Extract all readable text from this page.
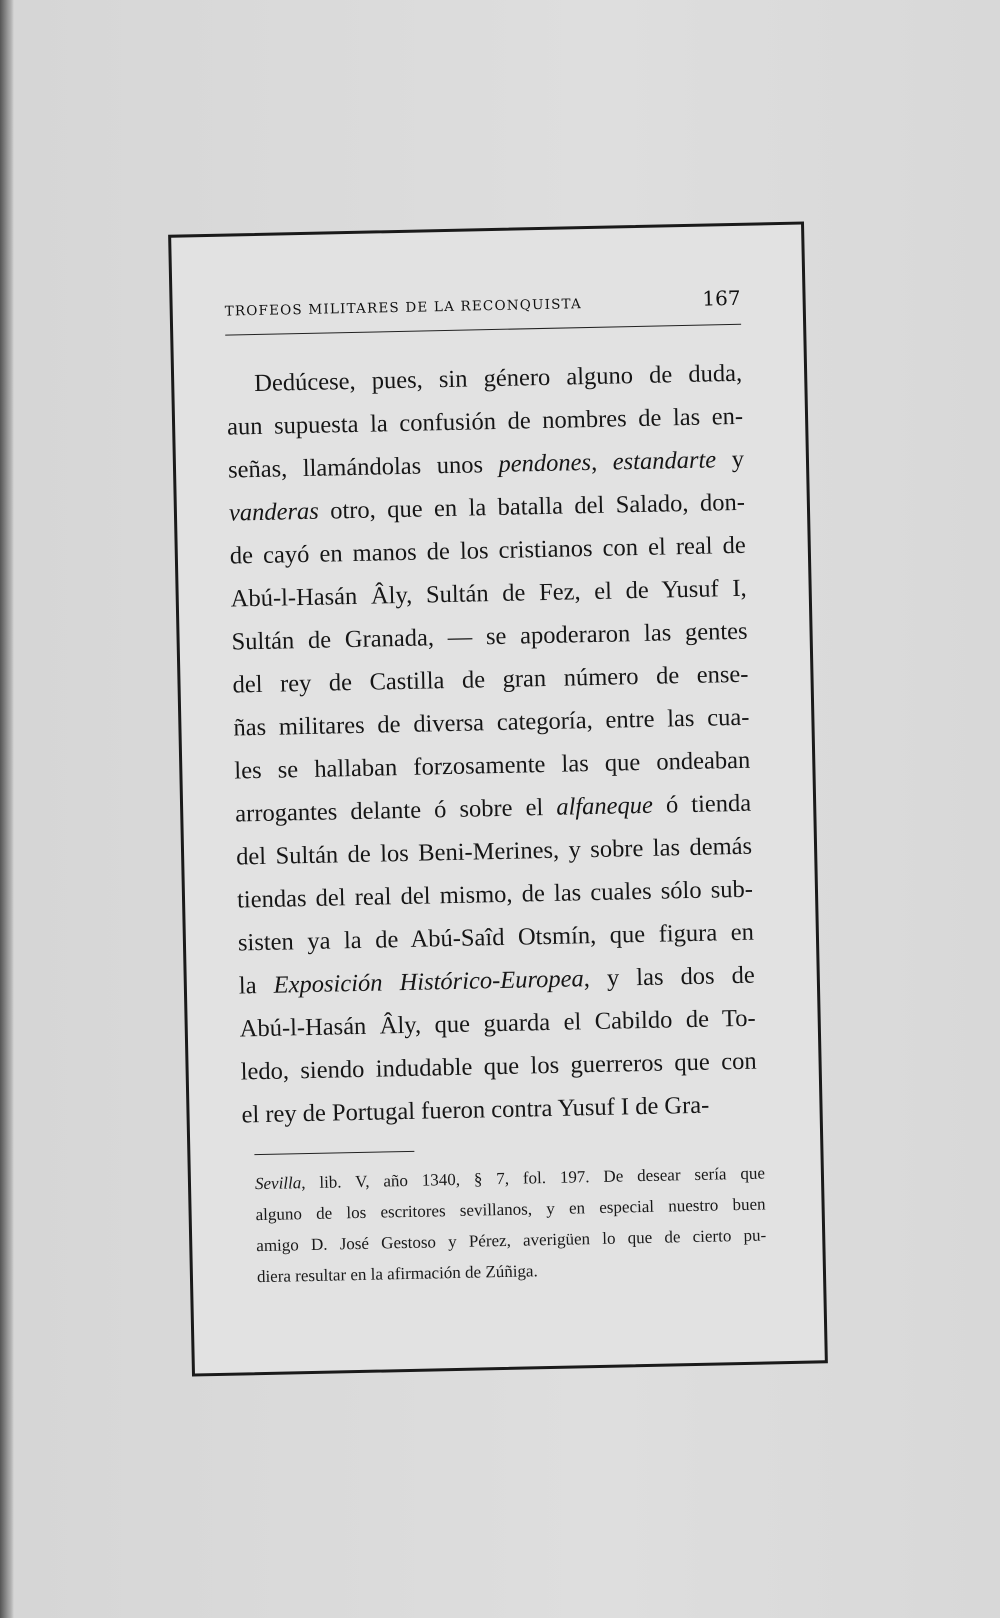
TROFEOS MILITARES DE LA RECONQUISTA	167
Dedúcese, pues, sin género alguno de duda,
aun supuesta la confusión de nombres de las en-
señas, llamándolas unos pendones, estandarte y
vanderas otro, que en la batalla del Salado, don-
de cayó en manos de los cristianos con el real de
Abú-l-Hasán Âly, Sultán de Fez, el de Yusuf I,
Sultán de Granada, — se apoderaron las gentes
del rey de Castilla de gran número de ense-
ñas militares de diversa categoría, entre las cua-
les se hallaban forzosamente las que ondeaban
arrogantes delante ó sobre el alfaneque ó tienda
del Sultán de los Beni-Merines, y sobre las demás
tiendas del real del mismo, de las cuales sólo sub-
sisten ya la de Abú-Saîd Otsmín, que figura en
la Exposición Histórico-Europea, y las dos de
Abú-l-Hasán Âly, que guarda el Cabildo de To-
ledo, siendo indudable que los guerreros que con
el rey de Portugal fueron contra Yusuf I de Gra-
Sevilla, lib. V, año 1340, § 7, fol. 197. De desear sería que
alguno de los escritores sevillanos, y en especial nuestro buen
amigo D. José Gestoso y Pérez, averigüen lo que de cierto pu-
diera resultar en la afirmación de Zúñiga.
